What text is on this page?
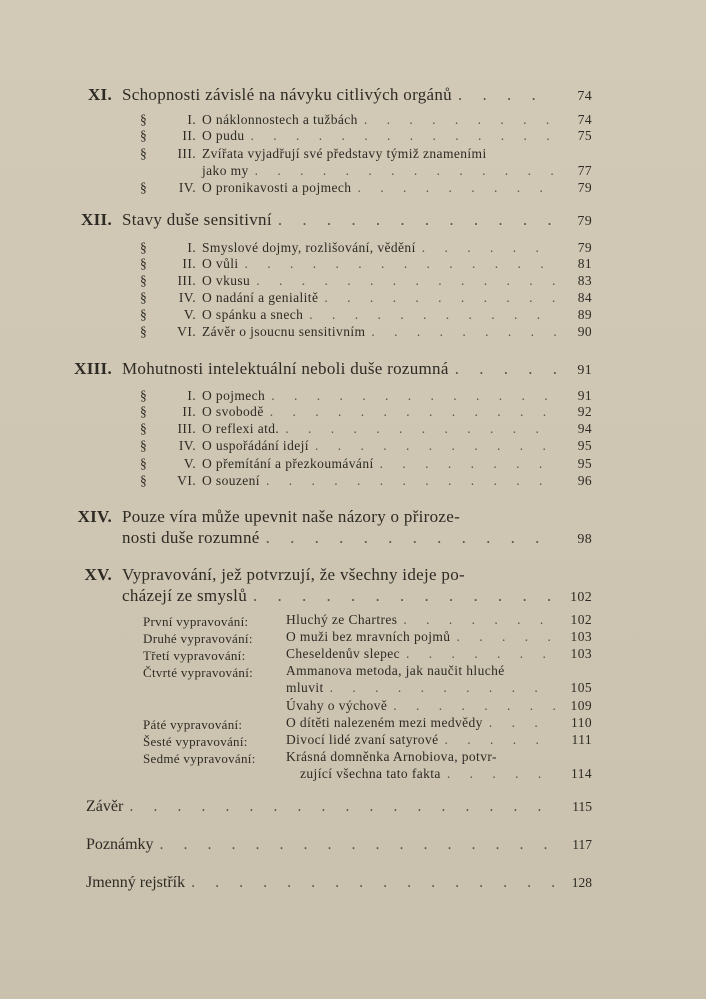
XI. Schopnosti závislé na návyku citlivých orgánů . . .	74
§	I. O náklonnostech a tužbách . . .	74
§	II. O pudu . . .	75
§	III. Zvířata vyjadřují své představy týmiž znameními
jako my . . .	77
§	IV. O pronikavosti a pojmech . . .	79
XII. Stavy duše sensitivní . . .	79
§	I. Smyslové dojmy, rozlišování, vědění . . .	79
§	II. O vůli . . .	81
§	III. O vkusu . . .	83
§	IV. O nadání a genialitě . . .	84
§	V. O spánku a snech . . .	89
§	VI. Závěr o jsoucnu sensitivním . . .	90
XIII. Mohutnosti intelektuální neboli duše rozumná . . .	91
§	I. O pojmech . . .	91
§	II. O svobodě . . .	92
§	III. O reflexi atd. . . .	94
§	IV. O uspořádání idejí . . .	95
§	V. O přemítání a přezkoumávání . . .	95
§	VI. O souzení . . .	96
XIV. Pouze víra může upevnit naše názory o přiroze-
nosti duše rozumné . . .	98
XV. Vypravování, jež potvrzují, že všechny ideje po-
cházejí ze smyslů . . .	102
První vypravování:	Hluchý ze Chartres . . .	102
Druhé vypravování: O muži bez mravních pojmů . . .	103
Třetí vypravování:	Cheseldenův slepec . . .	103
Čtvrté vypravování: Ammanova metoda, jak naučit hluché
mluvit . . .	105
Úvahy o výchově . . .	109
Páté vypravování:	O dítěti nalezeném mezi medvědy . . .	110
Šesté vypravování:	Divocí lidé zvaní satyrové . . .	111
Sedmé vypravování: Krásná domněnka Arnobiova, potvr-
zující všechna tato fakta . . .	114
Závěr . . .	115
Poznámky . . .	117
Jmenný rejstřík . . .	128
